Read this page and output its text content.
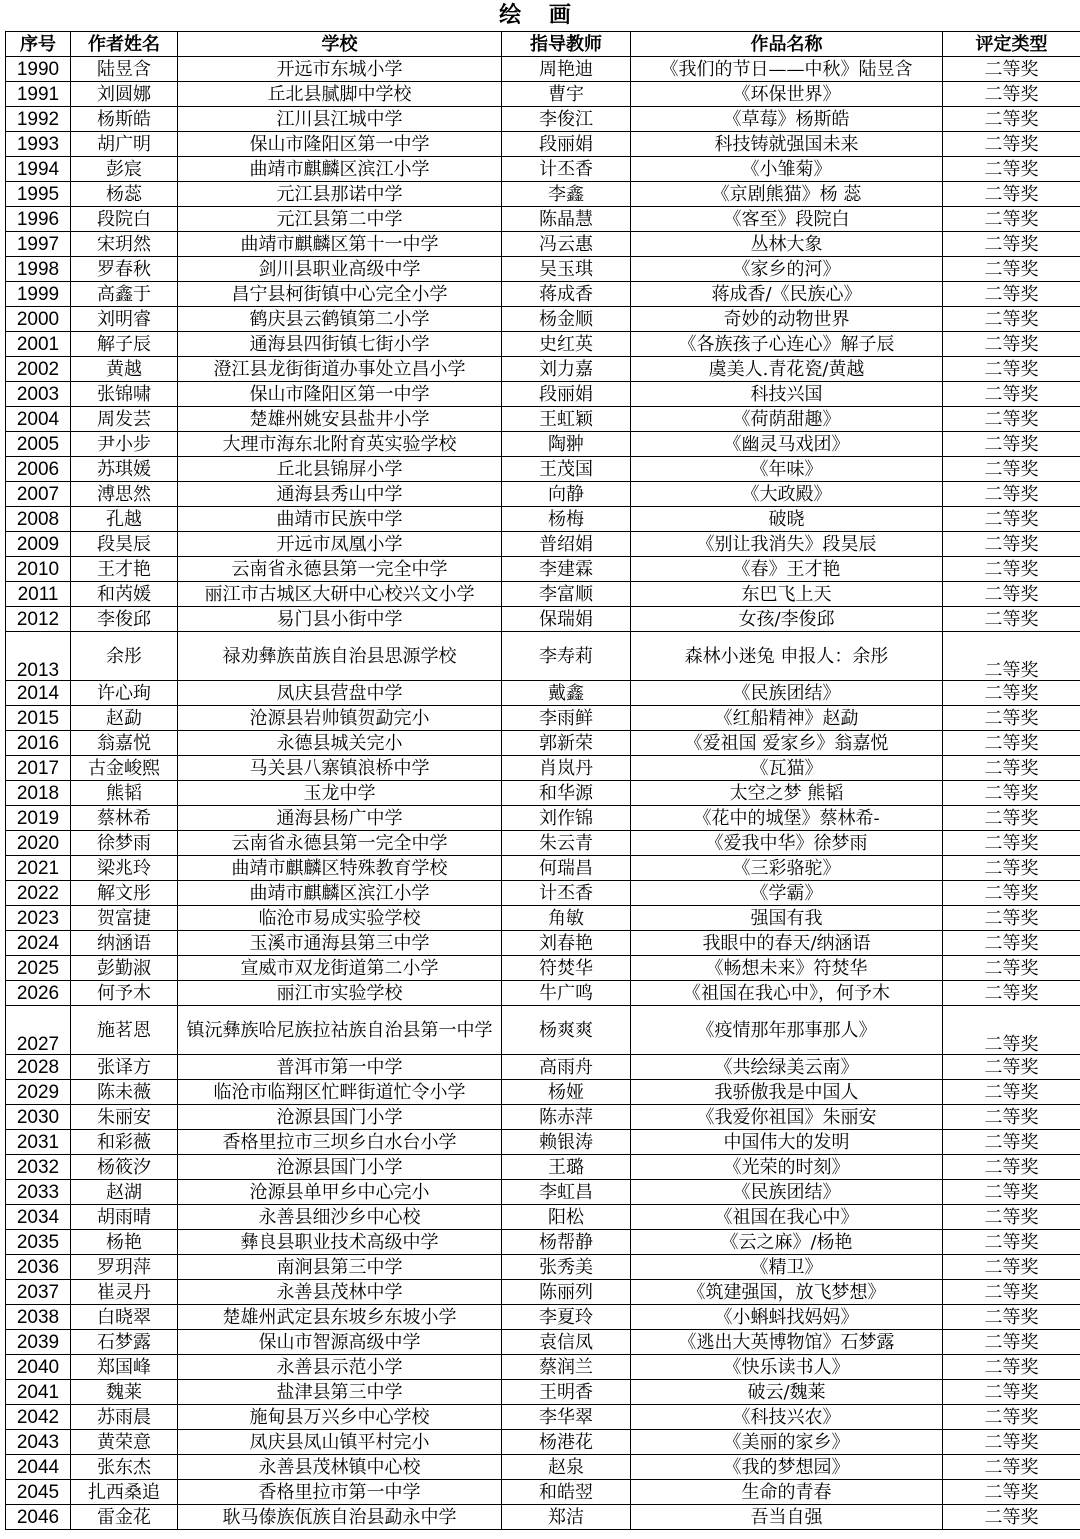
绘 画
序号	作者姓名	学校	指导教师	作品名称	评定类型
1990	陆昱含	开远市东城小学	周艳迪	《我们的节日——中秋》陆昱含	二等奖
1991	刘圆娜	丘北县腻脚中学校	曹宇	《环保世界》	二等奖
1992	杨斯皓	江川县江城中学	李俊江	《草莓》杨斯皓	二等奖
1993	胡广明	保山市隆阳区第一中学	段丽娟	科技铸就强国未来	二等奖
1994	彭宸	曲靖市麒麟区滨江小学	计丕香	《小雏菊》	二等奖
1995	杨蕊	元江县那诺中学	李鑫	《京剧熊猫》杨 蕊	二等奖
1996	段院白	元江县第二中学	陈晶慧	《客至》段院白	二等奖
1997	宋玥然	曲靖市麒麟区第十一中学	冯云惠	丛林大象	二等奖
1998	罗春秋	剑川县职业高级中学	吴玉琪	《家乡的河》	二等奖
1999	高鑫于	昌宁县柯街镇中心完全小学	蒋成香	蒋成香/《民族心》	二等奖
2000	刘明睿	鹤庆县云鹤镇第二小学	杨金顺	奇妙的动物世界	二等奖
2001	解子辰	通海县四街镇七街小学	史红英	《各族孩子心连心》解子辰	二等奖
2002	黄越	澄江县龙街街道办事处立昌小学	刘力嘉	虞美人.青花瓷/黄越	二等奖
2003	张锦啸	保山市隆阳区第一中学	段丽娟	科技兴国	二等奖
2004	周发芸	楚雄州姚安县盐井小学	王虹颖	《荷荫甜趣》	二等奖
2005	尹小步	大理市海东北附育英实验学校	陶翀	《幽灵马戏团》	二等奖
2006	苏琪媛	丘北县锦屏小学	王茂国	《年味》	二等奖
2007	溥思然	通海县秀山中学	向静	《大政殿》	二等奖
2008	孔越	曲靖市民族中学	杨梅	破晓	二等奖
2009	段昊辰	开远市凤凰小学	普绍娟	《别让我消失》段昊辰	二等奖
2010	王才艳	云南省永德县第一完全中学	李建霖	《春》王才艳	二等奖
2011	和芮媛	丽江市古城区大研中心校兴文小学	李富顺	东巴飞上天	二等奖
2012	李俊邱	易门县小街中学	保瑞娟	女孩/李俊邱	二等奖
2013	余彤	禄劝彝族苗族自治县思源学校	李寿莉	森林小迷兔 申报人：余彤	二等奖
2014	许心珣	凤庆县营盘中学	戴鑫	《民族团结》	二等奖
2015	赵勐	沧源县岩帅镇贺勐完小	李雨鲜	《红船精神》赵勐	二等奖
2016	翁嘉悦	永德县城关完小	郭新荣	《爱祖国 爱家乡》翁嘉悦	二等奖
2017	古金峻熙	马关县八寨镇浪桥中学	肖岚丹	《瓦猫》	二等奖
2018	熊韬	玉龙中学	和华源	太空之梦 熊韬	二等奖
2019	蔡林希	通海县杨广中学	刘作锦	《花中的城堡》蔡林希-	二等奖
2020	徐梦雨	云南省永德县第一完全中学	朱云青	《爱我中华》徐梦雨	二等奖
2021	梁兆玲	曲靖市麒麟区特殊教育学校	何瑞昌	《三彩骆驼》	二等奖
2022	解文彤	曲靖市麒麟区滨江小学	计丕香	《学霸》	二等奖
2023	贺富捷	临沧市易成实验学校	角敏	强国有我	二等奖
2024	纳涵语	玉溪市通海县第三中学	刘春艳	我眼中的春天/纳涵语	二等奖
2025	彭勤淑	宣威市双龙街道第二小学	符焚华	《畅想未来》符焚华	二等奖
2026	何予木	丽江市实验学校	牛广鸣	《祖国在我心中》，何予木	二等奖
2027	施茗恩	镇沅彝族哈尼族拉祜族自治县第一中学	杨爽爽	《疫情那年那事那人》	二等奖
2028	张译方	普洱市第一中学	高雨舟	《共绘绿美云南》	二等奖
2029	陈未薇	临沧市临翔区忙畔街道忙令小学	杨娅	我骄傲我是中国人	二等奖
2030	朱丽安	沧源县国门小学	陈赤萍	《我爱你祖国》朱丽安	二等奖
2031	和彩薇	香格里拉市三坝乡白水台小学	赖银涛	中国伟大的发明	二等奖
2032	杨筱汐	沧源县国门小学	王璐	《光荣的时刻》	二等奖
2033	赵湖	沧源县单甲乡中心完小	李虹昌	《民族团结》	二等奖
2034	胡雨晴	永善县细沙乡中心校	阳松	《祖国在我心中》	二等奖
2035	杨艳	彝良县职业技术高级中学	杨帮静	《云之麻》/杨艳	二等奖
2036	罗玥萍	南涧县第三中学	张秀美	《精卫》	二等奖
2037	崔灵丹	永善县茂林中学	陈丽列	《筑建强国，放飞梦想》	二等奖
2038	白晓翠	楚雄州武定县东坡乡东坡小学	李夏玲	《小蝌蚪找妈妈》	二等奖
2039	石梦露	保山市智源高级中学	袁信凤	《逃出大英博物馆》石梦露	二等奖
2040	郑国峰	永善县示范小学	蔡润兰	《快乐读书人》	二等奖
2041	魏莱	盐津县第三中学	王明香	破云/魏莱	二等奖
2042	苏雨晨	施甸县万兴乡中心学校	李华翠	《科技兴农》	二等奖
2043	黄荣意	凤庆县凤山镇平村完小	杨港花	《美丽的家乡》	二等奖
2044	张东杰	永善县茂林镇中心校	赵泉	《我的梦想园》	二等奖
2045	扎西桑追	香格里拉市第一中学	和皓翌	生命的青春	二等奖
2046	雷金花	耿马傣族佤族自治县勐永中学	郑洁	吾当自强	二等奖
